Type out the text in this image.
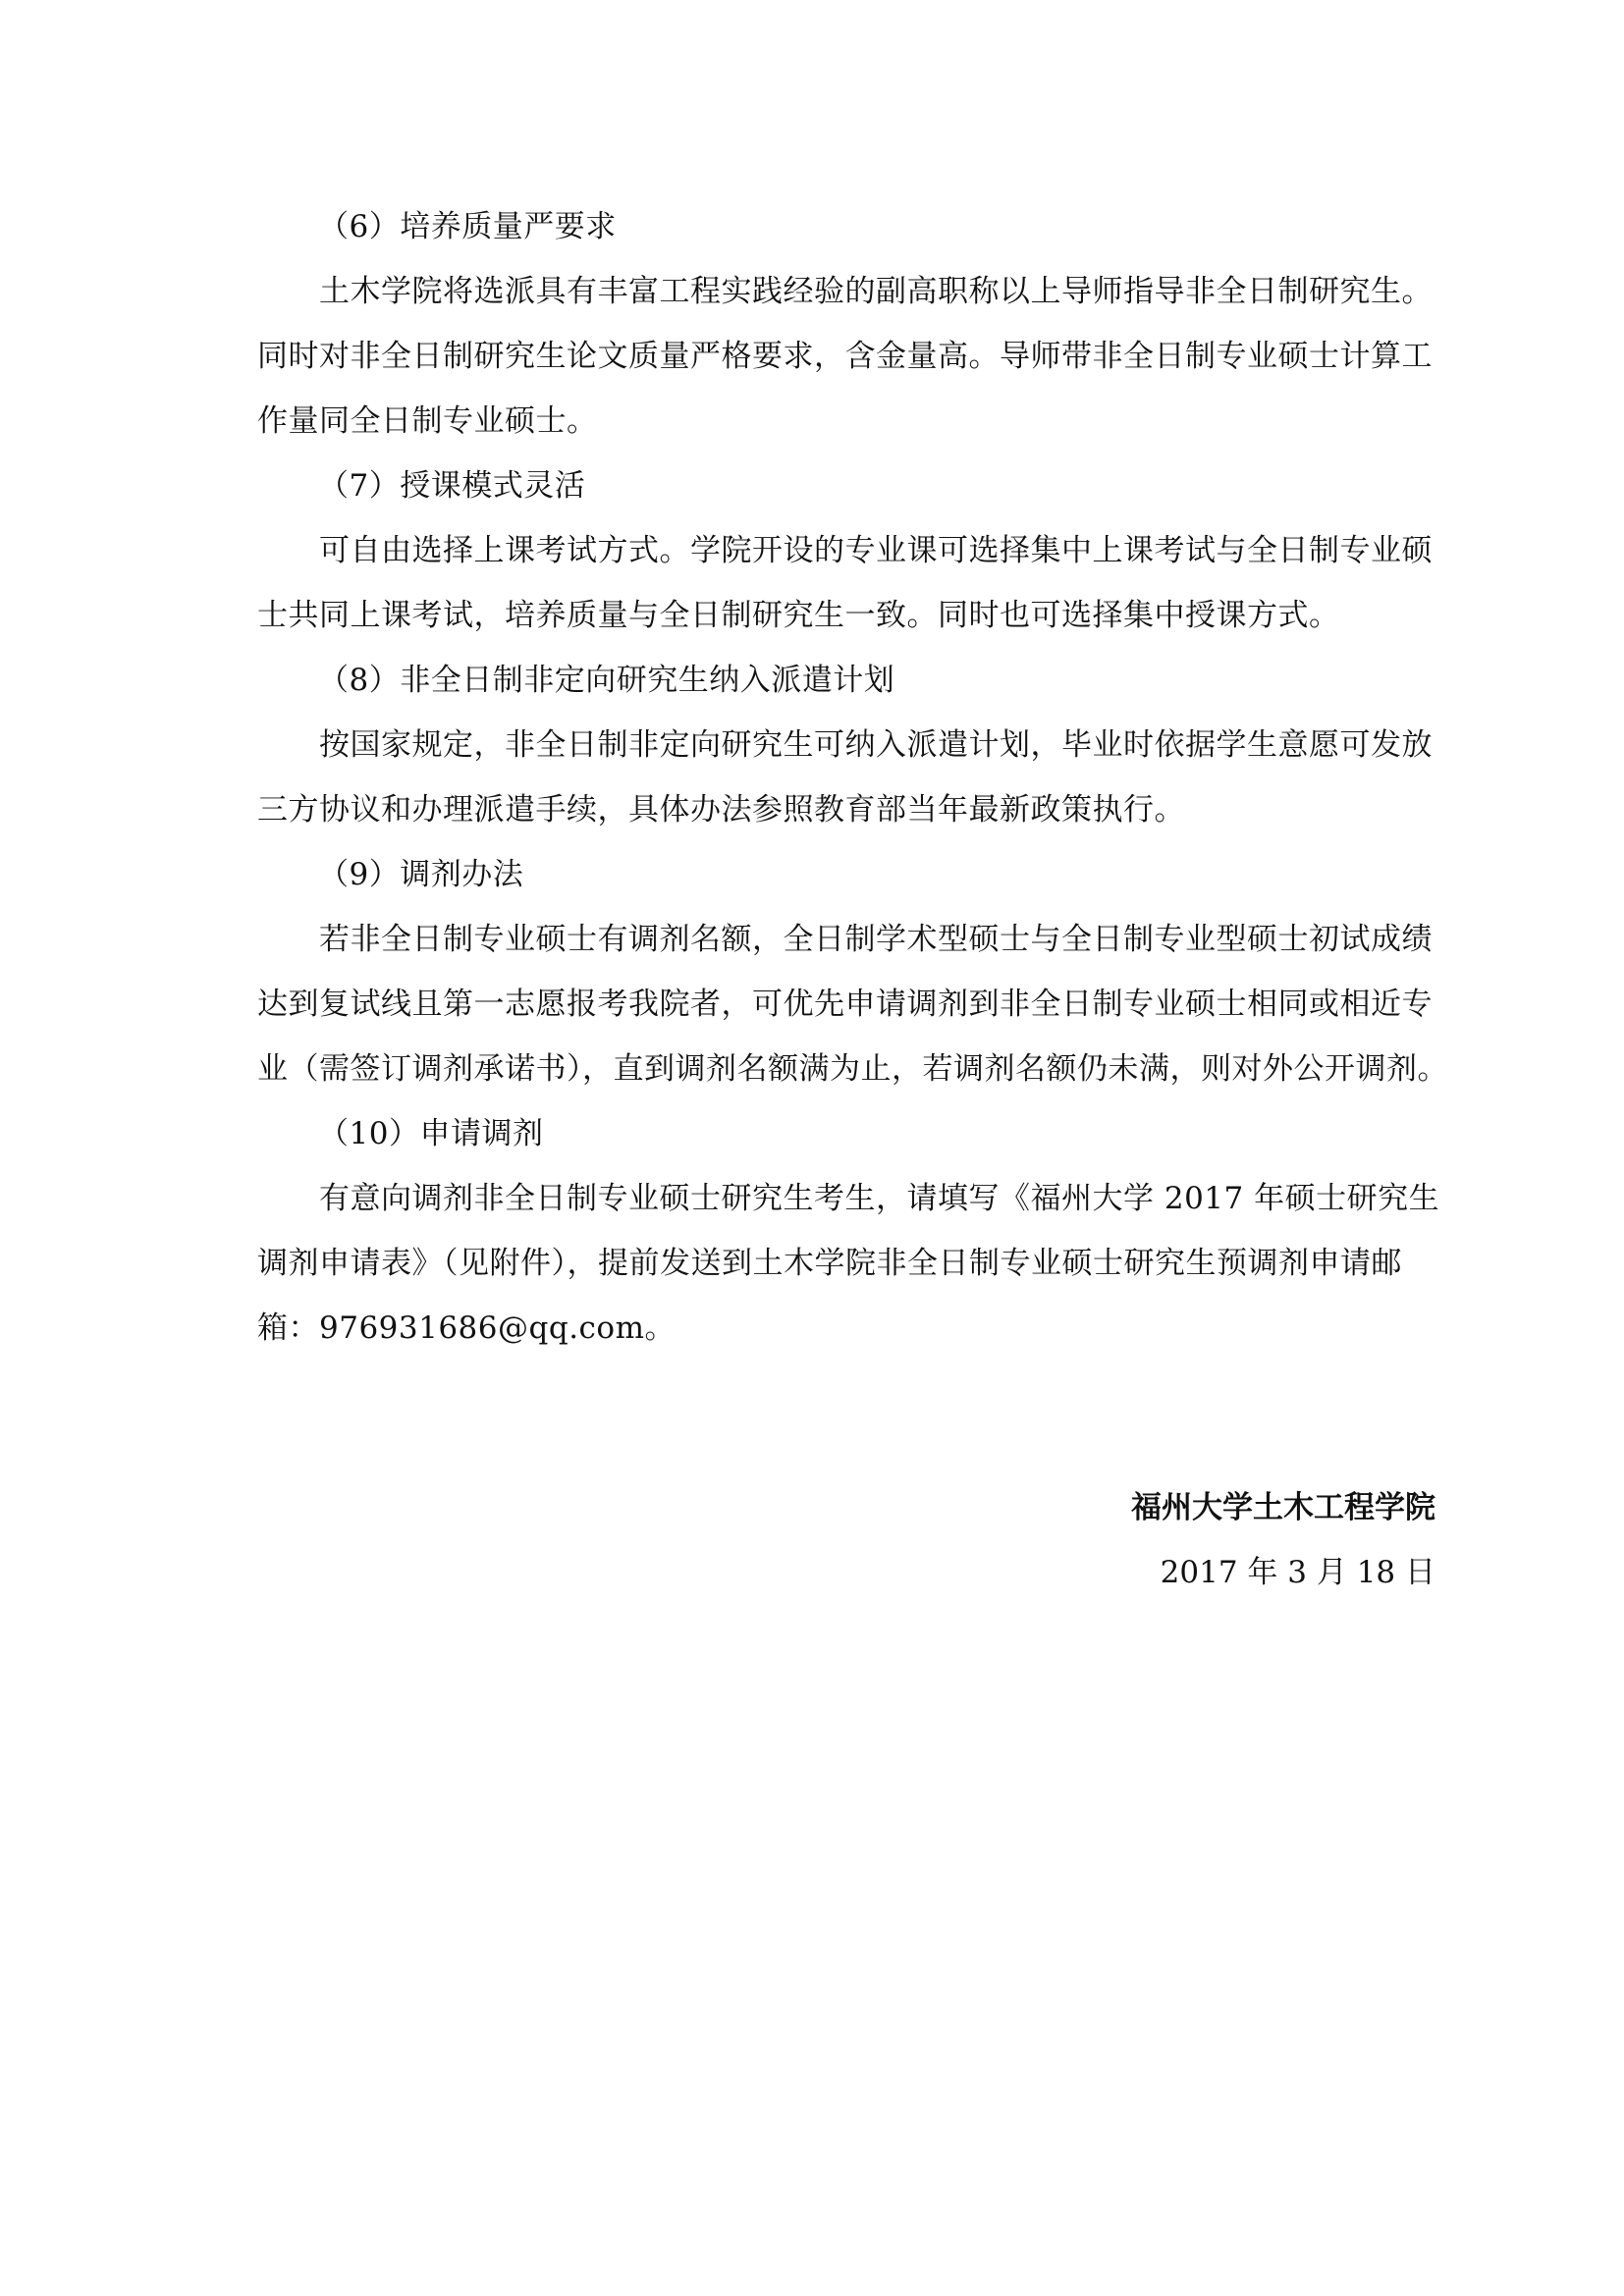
（6）培养质量严要求

　　土木学院将选派具有丰富工程实践经验的副高职称以上导师指导非全日制研究生。
同时对非全日制研究生论文质量严格要求，含金量高。导师带非全日制专业硕士计算工
作量同全日制专业硕士。

（7）授课模式灵活

　　可自由选择上课考试方式。学院开设的专业课可选择集中上课考试与全日制专业硕
士共同上课考试，培养质量与全日制研究生一致。同时也可选择集中授课方式。

（8）非全日制非定向研究生纳入派遣计划

　　按国家规定，非全日制非定向研究生可纳入派遣计划，毕业时依据学生意愿可发放
三方协议和办理派遣手续，具体办法参照教育部当年最新政策执行。

（9）调剂办法

　　若非全日制专业硕士有调剂名额，全日制学术型硕士与全日制专业型硕士初试成绩
达到复试线且第一志愿报考我院者，可优先申请调剂到非全日制专业硕士相同或相近专
业（需签订调剂承诺书），直到调剂名额满为止，若调剂名额仍未满，则对外公开调剂。

（10）申请调剂

　　有意向调剂非全日制专业硕士研究生考生，请填写《福州大学 2017 年硕士研究生
调剂申请表》（见附件），提前发送到土木学院非全日制专业硕士研究生预调剂申请邮
箱：976931686@qq.com。

福州大学土木工程学院

2017 年 3 月 18 日
